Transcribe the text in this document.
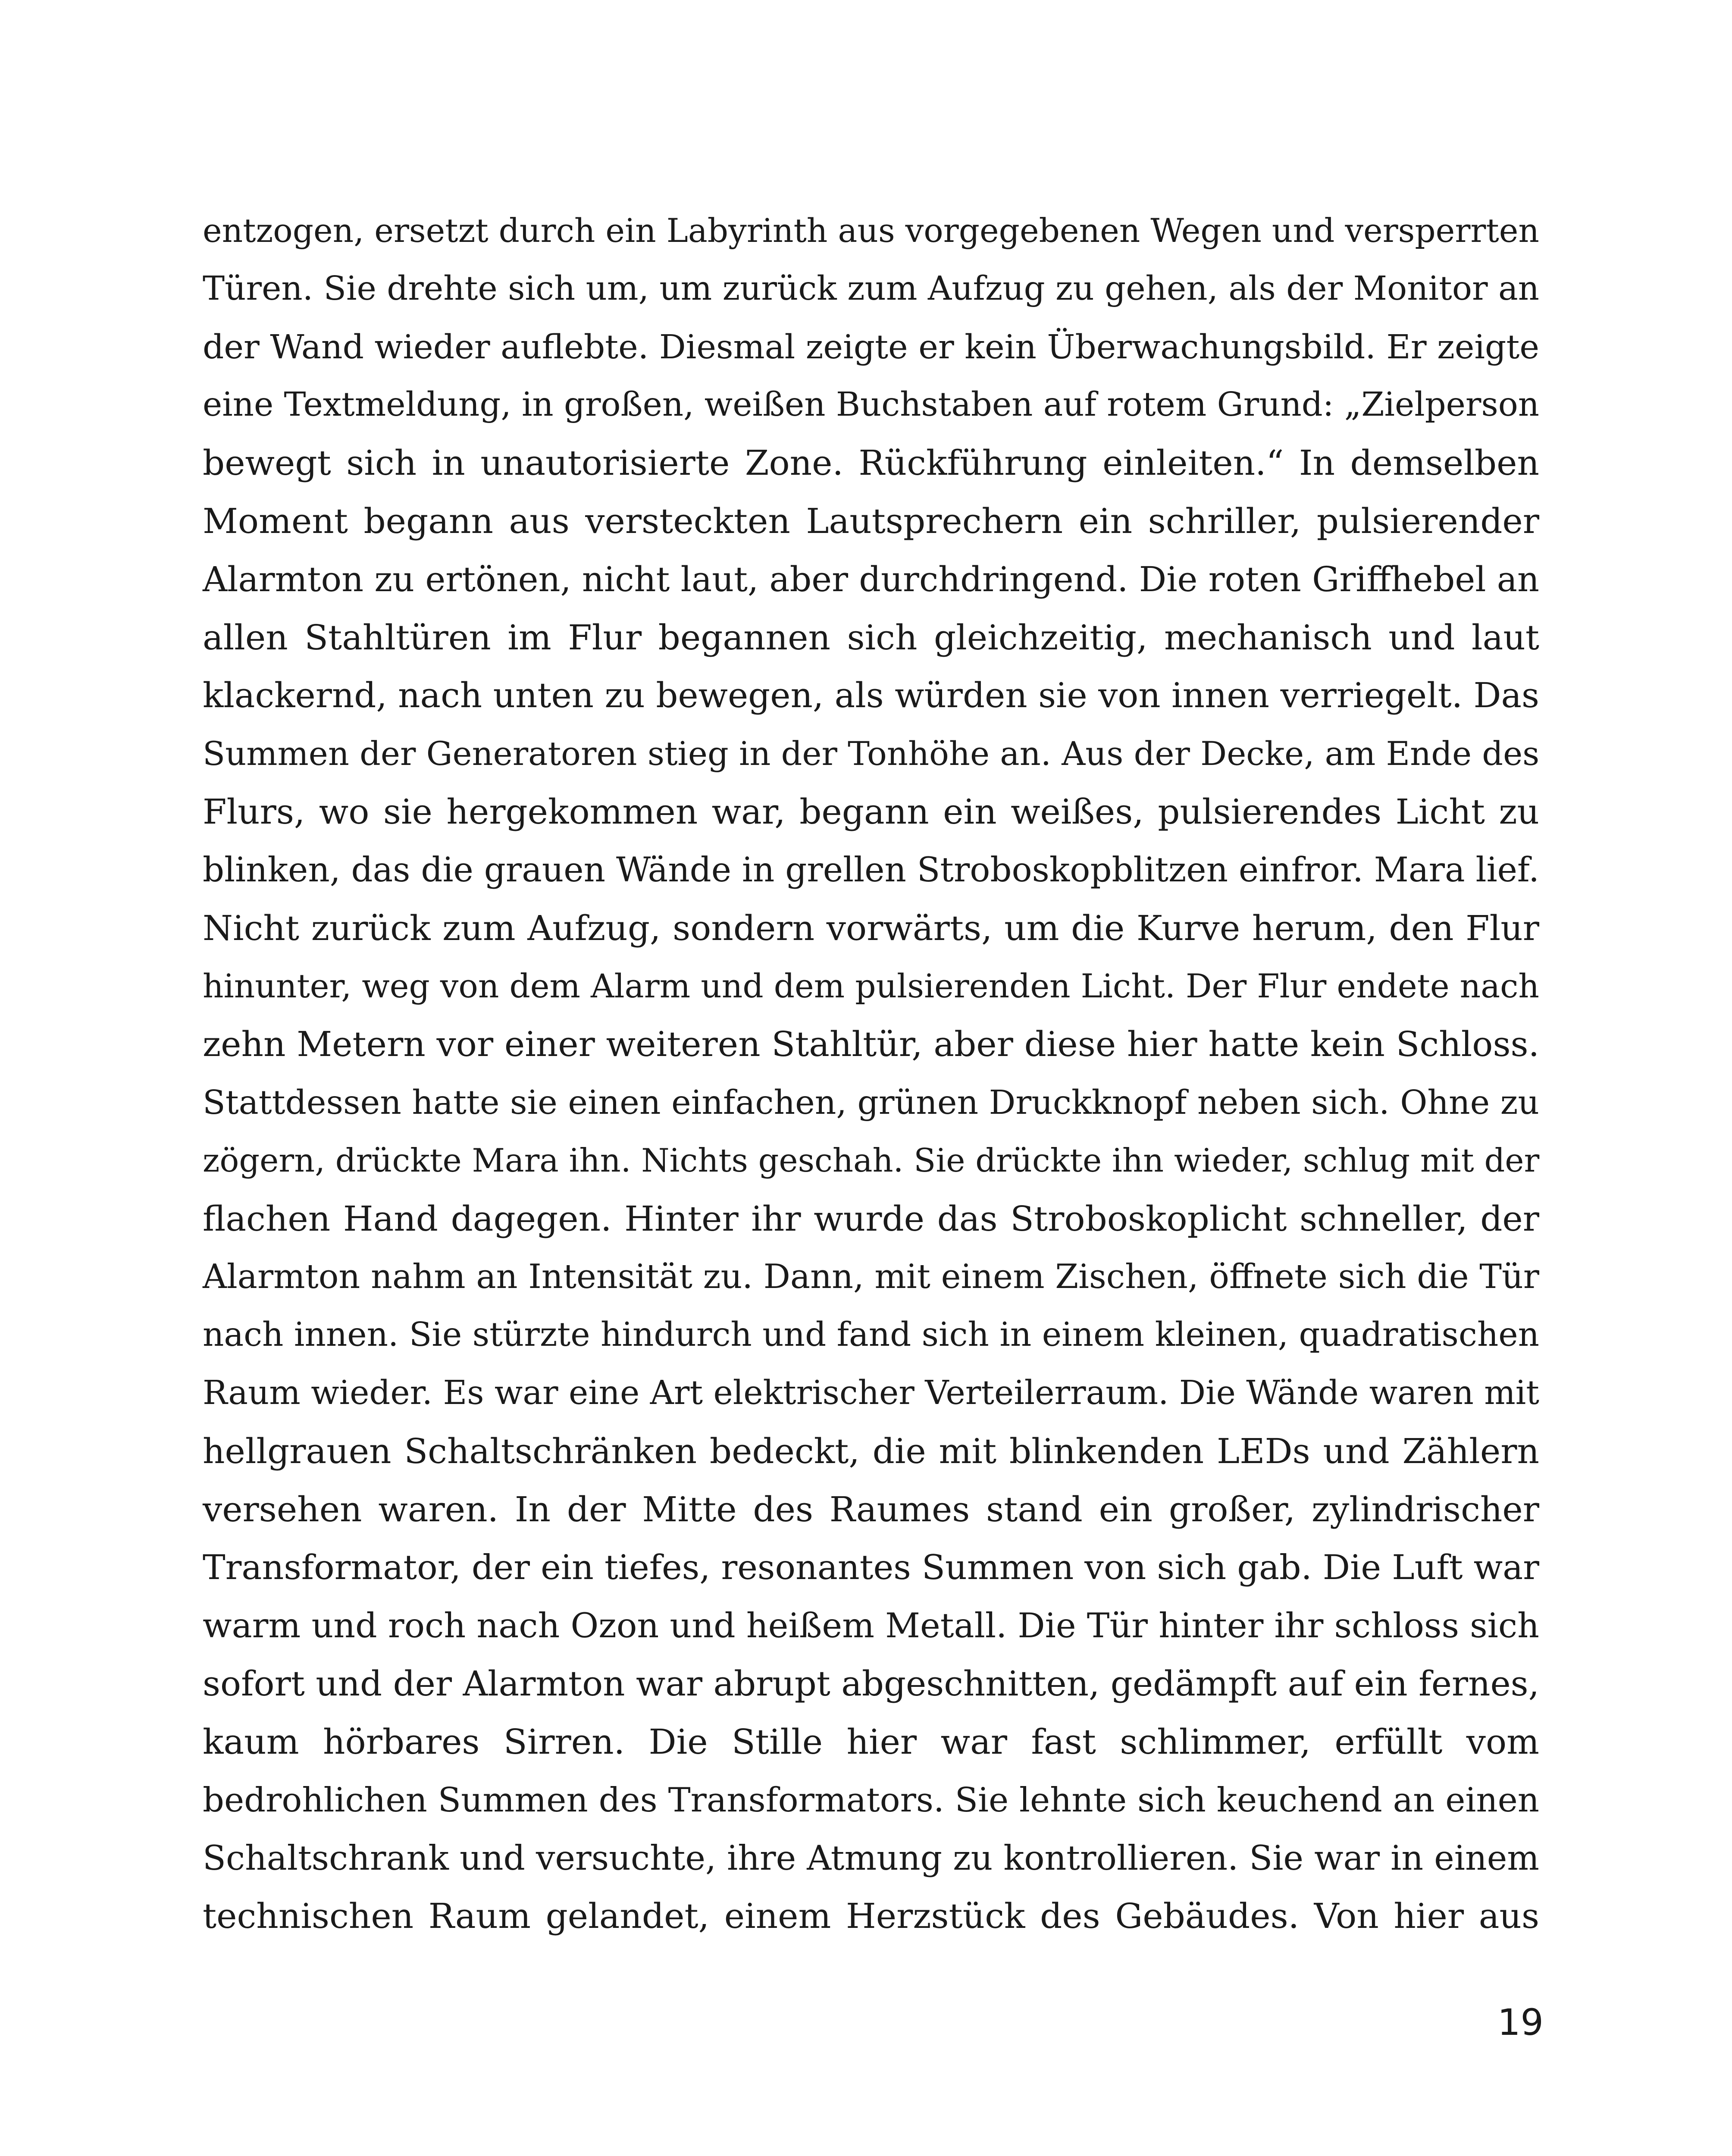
entzogen, ersetzt durch ein Labyrinth aus vorgegebenen Wegen und versperrten
Türen. Sie drehte sich um, um zurück zum Aufzug zu gehen, als der Monitor an
der Wand wieder auflebte. Diesmal zeigte er kein Überwachungsbild. Er zeigte
eine Textmeldung, in großen, weißen Buchstaben auf rotem Grund: „Zielperson
bewegt sich in unautorisierte Zone. Rückführung einleiten.“ In demselben
Moment begann aus versteckten Lautsprechern ein schriller, pulsierender
Alarmton zu ertönen, nicht laut, aber durchdringend. Die roten Griffhebel an
allen Stahltüren im Flur begannen sich gleichzeitig, mechanisch und laut
klackernd, nach unten zu bewegen, als würden sie von innen verriegelt. Das
Summen der Generatoren stieg in der Tonhöhe an. Aus der Decke, am Ende des
Flurs, wo sie hergekommen war, begann ein weißes, pulsierendes Licht zu
blinken, das die grauen Wände in grellen Stroboskopblitzen einfror. Mara lief.
Nicht zurück zum Aufzug, sondern vorwärts, um die Kurve herum, den Flur
hinunter, weg von dem Alarm und dem pulsierenden Licht. Der Flur endete nach
zehn Metern vor einer weiteren Stahltür, aber diese hier hatte kein Schloss.
Stattdessen hatte sie einen einfachen, grünen Druckknopf neben sich. Ohne zu
zögern, drückte Mara ihn. Nichts geschah. Sie drückte ihn wieder, schlug mit der
flachen Hand dagegen. Hinter ihr wurde das Stroboskoplicht schneller, der
Alarmton nahm an Intensität zu. Dann, mit einem Zischen, öffnete sich die Tür
nach innen. Sie stürzte hindurch und fand sich in einem kleinen, quadratischen
Raum wieder. Es war eine Art elektrischer Verteilerraum. Die Wände waren mit
hellgrauen Schaltschränken bedeckt, die mit blinkenden LEDs und Zählern
versehen waren. In der Mitte des Raumes stand ein großer, zylindrischer
Transformator, der ein tiefes, resonantes Summen von sich gab. Die Luft war
warm und roch nach Ozon und heißem Metall. Die Tür hinter ihr schloss sich
sofort und der Alarmton war abrupt abgeschnitten, gedämpft auf ein fernes,
kaum hörbares Sirren. Die Stille hier war fast schlimmer, erfüllt vom
bedrohlichen Summen des Transformators. Sie lehnte sich keuchend an einen
Schaltschrank und versuchte, ihre Atmung zu kontrollieren. Sie war in einem
technischen Raum gelandet, einem Herzstück des Gebäudes. Von hier aus
19
